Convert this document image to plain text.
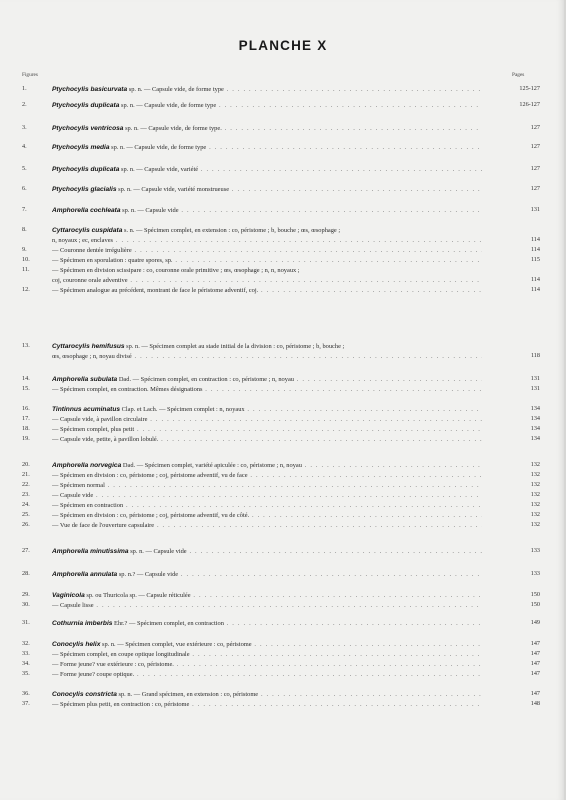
PLANCHE X
Figures	Pages
1.	Ptychocylis basicurvata sp. n. — Capsule vide, de forme type . . .	125-127
2.	Ptychocylis duplicata sp. n. — Capsule vide, de forme type . . .	126-127
3.	Ptychocylis ventricosa sp. n. — Capsule vide, de forme type. . . .	127
4.	Ptychocylis media sp. n. — Capsule vide, de forme type . . .	127
5.	Ptychocylis duplicata sp. n. — Capsule vide, variété . . .	127
6.	Ptychocylis glacialis sp. n. — Capsule vide, variété monstrueuse . . .	127
7.	Amphorella cochleata sp. n. — Capsule vide . . .	131
8.	Cyttarocylis cuspidata s. n. — Spécimen complet, en extension : co, péristome ; b, bouche ; œs, œsophage ;
n, noyaux ; ec, enclaves . . .	114
9.	— Couronne dentée irrégulière . . .	114
10.	— Spécimen en sporulation : quatre spores, sp. . . .	115
11.	— Spécimen en division scissipare : co, couronne orale primitive ; œs, œsophage ; n, n, noyaux ;
coj, couronne orale adventive . . .	114
12.	— Spécimen analogue au précédent, montrant de face le péristome adventif, coj. . . .	114
13.	Cyttarocylis hemifusus sp. n. — Spécimen complet au stade initial de la division : co, péristome ; b, bouche ;
œs, œsophage ; n, noyau divisé . . .	118
14.	Amphorella subulata Dad. — Spécimen complet, en contraction : co, péristome ; n, noyau . . .	131
15.	— Spécimen complet, en contraction. Mêmes désignations . . .	131
16.	Tintinnus acuminatus Clap. et Lach. — Spécimen complet : n, noyaux . . .	134
17.	— Capsule vide, à pavillon circulaire . . .	134
18.	— Spécimen complet, plus petit . . .	134
19.	— Capsule vide, petite, à pavillon lobulé. . . .	134
20.	Amphorella norvegica Dad. — Spécimen complet, variété apiculée : co, péristome ; n, noyau . . .	132
21.	— Spécimen en division : co, péristome ; coj, péristome adventif, vu de face . . .	132
22.	— Spécimen normal . . .	132
23.	— Capsule vide . . .	132
24.	— Spécimen en contraction . . .	132
25.	— Spécimen en division : co, péristome ; coj, péristome adventif, vu de côté. . . .	132
26.	— Vue de face de l'ouverture capsulaire . . .	132
27.	Amphorella minutissima sp. n. — Capsule vide . . .	133
28.	Amphorella annulata sp. n.? — Capsule vide . . .	133
29.	Vaginicola sp. ou Thuricola sp. — Capsule réticulée . . .	150
30.	— Capsule lisse . . .	150
31.	Cothurnia imberbis Ehr.? — Spécimen complet, en contraction . . .	149
32.	Conocylis helix sp. n. — Spécimen complet, vue extérieure : co, péristome . . .	147
33.	— Spécimen complet, en coupe optique longitudinale . . .	147
34.	— Forme jeune? vue extérieure : co, péristome. . . .	147
35.	— Forme jeune? coupe optique. . . .	147
36.	Conocylis constricta sp. n. — Grand spécimen, en extension : co, péristome . . .	147
37.	— Spécimen plus petit, en contraction : co, péristome . . .	148
